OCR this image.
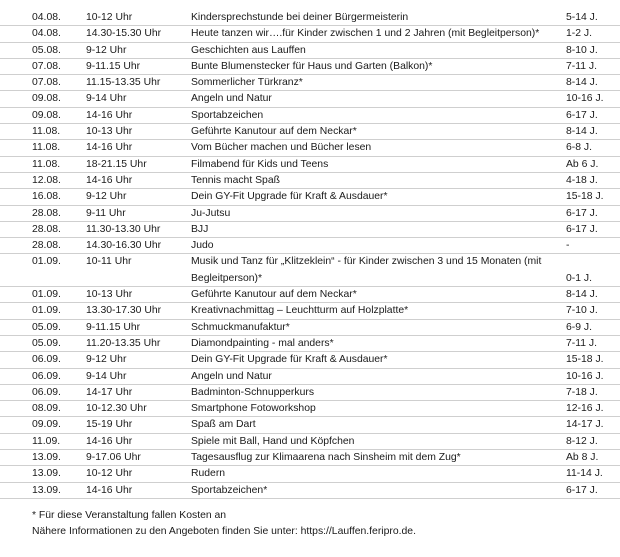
04.08. 10-12 Uhr	Kindersprechstunde bei deiner Bürgermeisterin	5-14 J.
04.08. 14.30-15.30 Uhr	Heute tanzen wir….für Kinder zwischen 1 und 2 Jahren (mit Begleitperson)*	1-2 J.
05.08. 9-12 Uhr	Geschichten aus Lauffen	8-10 J.
07.08. 9-11.15 Uhr	Bunte Blumenstecker für Haus und Garten (Balkon)*	7-11 J.
07.08. 11.15-13.35 Uhr	Sommerlicher Türkranz*	8-14 J.
09.08. 9-14 Uhr	Angeln und Natur	10-16 J.
09.08. 14-16 Uhr	Sportabzeichen	6-17 J.
11.08. 10-13 Uhr	Geführte Kanutour auf dem Neckar*	8-14 J.
11.08. 14-16 Uhr	Vom Bücher machen und Bücher lesen	6-8 J.
11.08. 18-21.15 Uhr	Filmabend für Kids und Teens	Ab 6 J.
12.08. 14-16 Uhr	Tennis macht Spaß	4-18 J.
16.08. 9-12 Uhr	Dein GY-Fit Upgrade für Kraft & Ausdauer*	15-18 J.
28.08. 9-11 Uhr	Ju-Jutsu	6-17 J.
28.08. 11.30-13.30 Uhr	BJJ	6-17 J.
28.08. 14.30-16.30 Uhr	Judo	-
01.09. 10-11 Uhr	Musik und Tanz für „Klitzeklein“ - für Kinder zwischen 3 und 15 Monaten (mit Begleitperson)*	0-1 J.
01.09. 10-13 Uhr	Geführte Kanutour auf dem Neckar*	8-14 J.
01.09. 13.30-17.30 Uhr	Kreativnachmittag – Leuchtturm auf Holzplatte*	7-10 J.
05.09. 9-11.15 Uhr	Schmuckmanufaktur*	6-9 J.
05.09. 11.20-13.35 Uhr	Diamondpainting - mal anders*	7-11 J.
06.09. 9-12 Uhr	Dein GY-Fit Upgrade für Kraft & Ausdauer*	15-18 J.
06.09. 9-14 Uhr	Angeln und Natur	10-16 J.
06.09. 14-17 Uhr	Badminton-Schnupperkurs	7-18 J.
08.09. 10-12.30 Uhr	Smartphone Fotoworkshop	12-16 J.
09.09. 15-19 Uhr	Spaß am Dart	14-17 J.
11.09. 14-16 Uhr	Spiele mit Ball, Hand und Köpfchen	8-12 J.
13.09. 9-17.06 Uhr	Tagesausflug zur Klimaarena nach Sinsheim mit dem Zug*	Ab 8 J.
13.09. 10-12 Uhr	Rudern	11-14 J.
13.09. 14-16 Uhr	Sportabzeichen*	6-17 J.
* Für diese Veranstaltung fallen Kosten an
Nähere Informationen zu den Angeboten finden Sie unter: https://Lauffen.feripro.de.
